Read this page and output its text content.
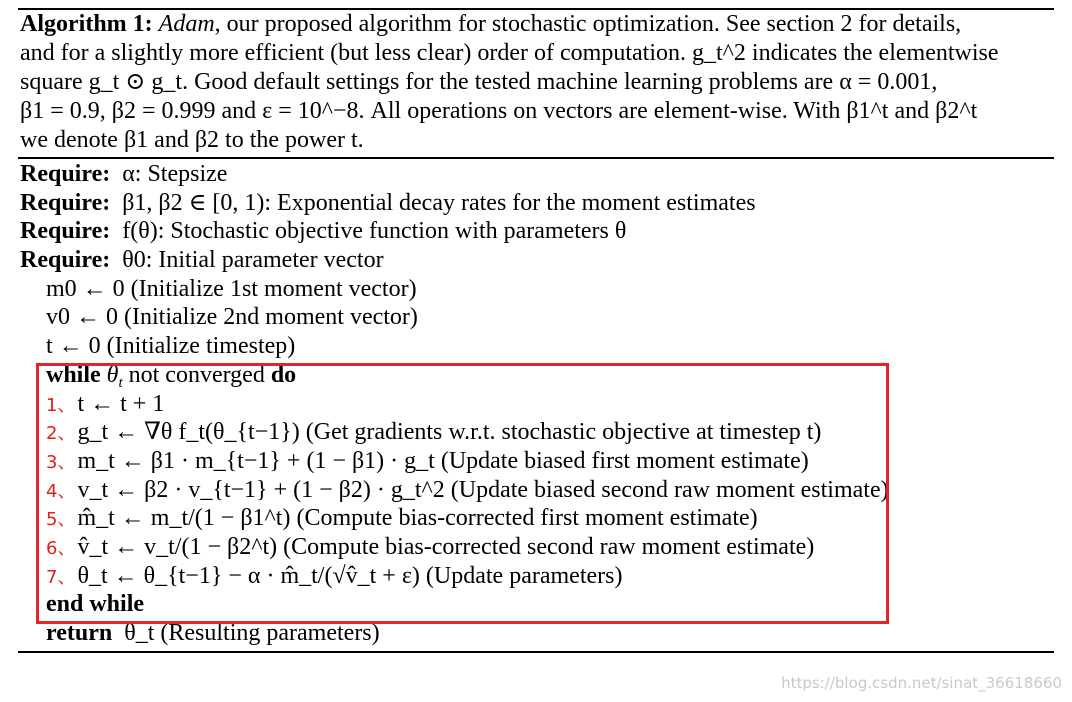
Algorithm 1: Adam, our proposed algorithm for stochastic optimization. See section 2 for details,
and for a slightly more efficient (but less clear) order of computation. g_t^2 indicates the elementwise
square g_t ⊙ g_t. Good default settings for the tested machine learning problems are α = 0.001,
β1 = 0.9, β2 = 0.999 and ε = 10^−8. All operations on vectors are element-wise. With β1^t and β2^t
we denote β1 and β2 to the power t.
Require: α: Stepsize
Require: β1, β2 ∈ [0, 1): Exponential decay rates for the moment estimates
Require: f(θ): Stochastic objective function with parameters θ
Require: θ0: Initial parameter vector
m0 ← 0 (Initialize 1st moment vector)
v0 ← 0 (Initialize 2nd moment vector)
t ← 0 (Initialize timestep)
while $\theta_t$ not converged do
1、t ← t + 1
2、g_t ← ∇θ f_t(θ_{t−1}) (Get gradients w.r.t. stochastic objective at timestep t)
3、m_t ← β1 · m_{t−1} + (1 − β1) · g_t (Update biased first moment estimate)
4、v_t ← β2 · v_{t−1} + (1 − β2) · g_t^2 (Update biased second raw moment estimate)
5、m̂_t ← m_t/(1 − β1^t) (Compute bias-corrected first moment estimate)
6、v̂_t ← v_t/(1 − β2^t) (Compute bias-corrected second raw moment estimate)
7、θ_t ← θ_{t−1} − α · m̂_t/(√v̂_t + ε) (Update parameters)
end while
return θ_t (Resulting parameters)
https://blog.csdn.net/sinat_36618660
